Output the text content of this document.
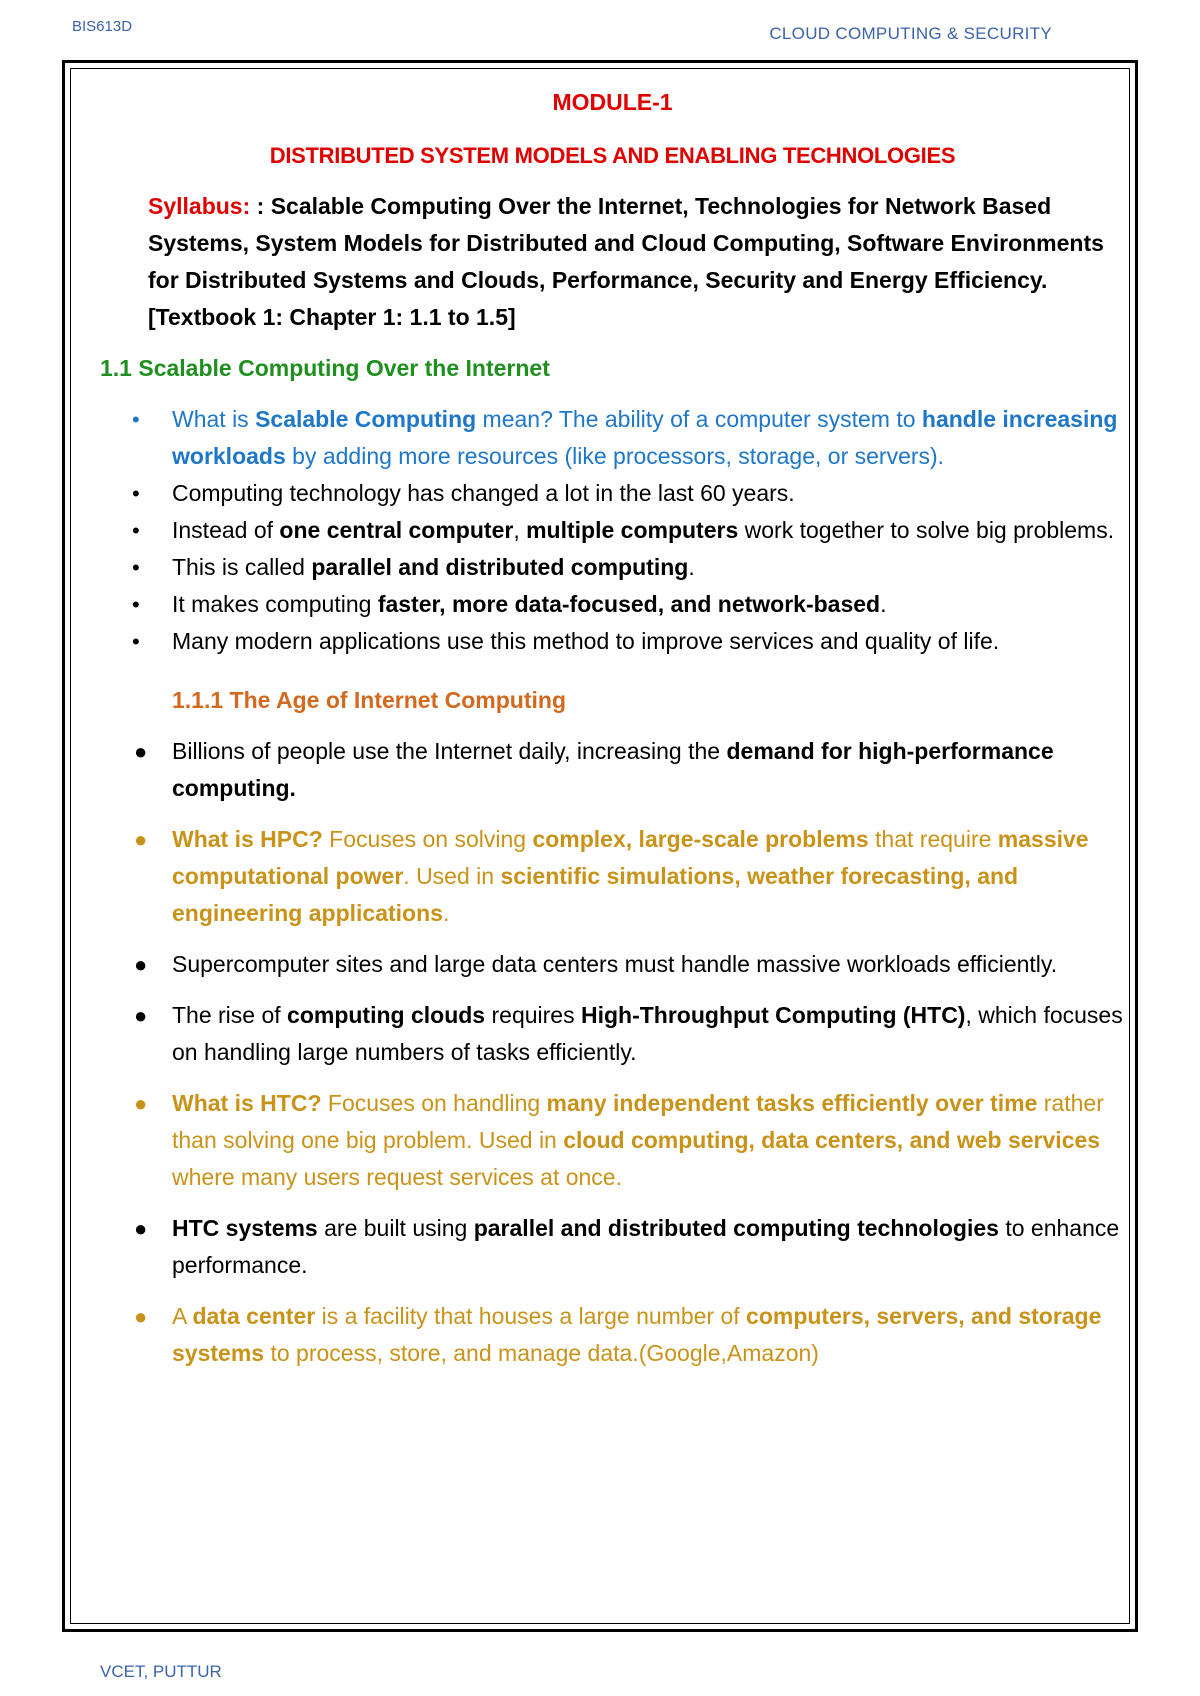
BIS613D	CLOUD COMPUTING & SECURITY
MODULE-1
DISTRIBUTED SYSTEM MODELS AND ENABLING TECHNOLOGIES
Syllabus: : Scalable Computing Over the Internet, Technologies for Network Based Systems, System Models for Distributed and Cloud Computing, Software Environments for Distributed Systems and Clouds, Performance, Security and Energy Efficiency. [Textbook 1: Chapter 1: 1.1 to 1.5]
1.1 Scalable Computing Over the Internet
• What is Scalable Computing mean? The ability of a computer system to handle increasing workloads by adding more resources (like processors, storage, or servers).
• Computing technology has changed a lot in the last 60 years.
• Instead of one central computer, multiple computers work together to solve big problems.
• This is called parallel and distributed computing.
• It makes computing faster, more data-focused, and network-based.
• Many modern applications use this method to improve services and quality of life.
1.1.1 The Age of Internet Computing
● Billions of people use the Internet daily, increasing the demand for high-performance computing.
● What is HPC? Focuses on solving complex, large-scale problems that require massive computational power. Used in scientific simulations, weather forecasting, and engineering applications.
● Supercomputer sites and large data centers must handle massive workloads efficiently.
● The rise of computing clouds requires High-Throughput Computing (HTC), which focuses on handling large numbers of tasks efficiently.
● What is HTC? Focuses on handling many independent tasks efficiently over time rather than solving one big problem. Used in cloud computing, data centers, and web services where many users request services at once.
● HTC systems are built using parallel and distributed computing technologies to enhance performance.
● A data center is a facility that houses a large number of computers, servers, and storage systems to process, store, and manage data.(Google,Amazon)
VCET, PUTTUR
